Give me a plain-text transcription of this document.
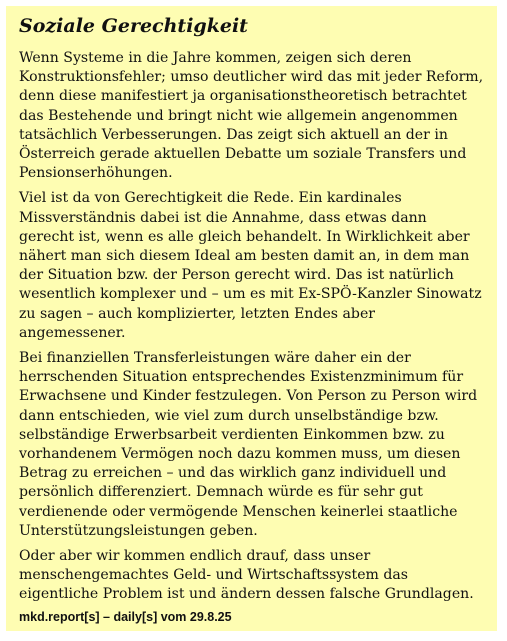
Soziale Gerechtigkeit

Wenn Systeme in die Jahre kommen, zeigen sich deren Konstruktionsfehler; umso deutlicher wird das mit jeder Reform, denn diese manifestiert ja organisationstheoretisch betrachtet das Bestehende und bringt nicht wie allgemein angenommen tatsächlich Verbesserungen. Das zeigt sich aktuell an der in Österreich gerade aktuellen Debatte um soziale Transfers und Pensionserhöhungen.

Viel ist da von Gerechtigkeit die Rede. Ein kardinales Missverständnis dabei ist die Annahme, dass etwas dann gerecht ist, wenn es alle gleich behandelt. In Wirklichkeit aber nähert man sich diesem Ideal am besten damit an, in dem man der Situation bzw. der Person gerecht wird. Das ist natürlich wesentlich komplexer und – um es mit Ex-SPÖ-Kanzler Sinowatz zu sagen – auch komplizierter, letzten Endes aber angemessener.

Bei finanziellen Transferleistungen wäre daher ein der herrschenden Situation entsprechendes Existenzminimum für Erwachsene und Kinder festzulegen. Von Person zu Person wird dann entschieden, wie viel zum durch unselbständige bzw. selbständige Erwerbsarbeit verdienten Einkommen bzw. zu vorhandenem Vermögen noch dazu kommen muss, um diesen Betrag zu erreichen – und das wirklich ganz individuell und persönlich differenziert. Demnach würde es für sehr gut verdienende oder vermögende Menschen keinerlei staatliche Unterstützungsleistungen geben.

Oder aber wir kommen endlich drauf, dass unser menschengemachtes Geld- und Wirtschaftssystem das eigentliche Problem ist und ändern dessen falsche Grundlagen.

mkd.report[s] – daily[s] vom 29.8.25
